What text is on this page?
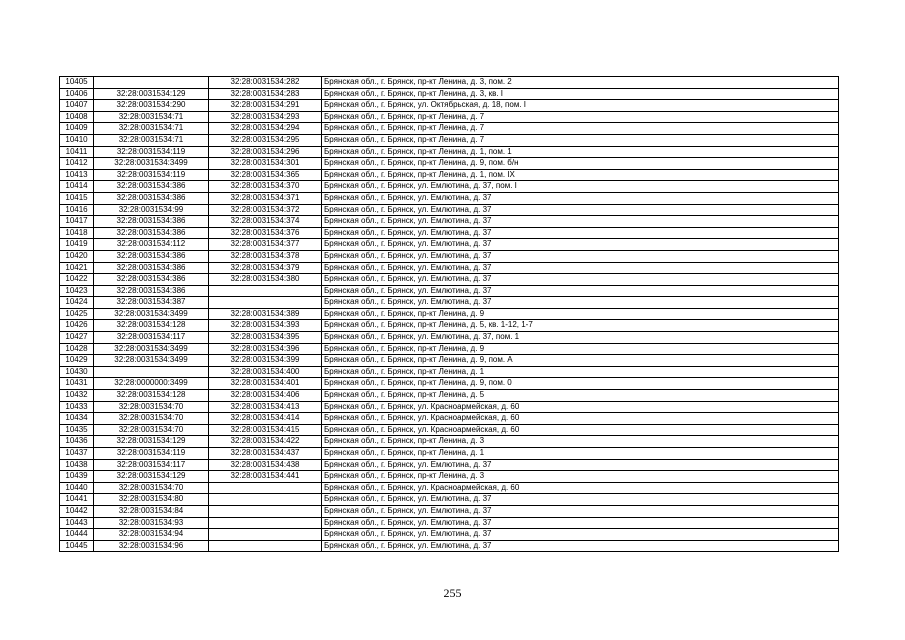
10405		32:28:0031534:282	Брянская обл., г. Брянск, пр-кт Ленина, д. 3, пом. 2
10406	32:28:0031534:129	32:28:0031534:283	Брянская обл., г. Брянск, пр-кт Ленина, д. 3, кв. I
10407	32:28:0031534:290	32:28:0031534:291	Брянская обл., г. Брянск, ул. Октябрьская, д. 18, пом. I
10408	32:28:0031534:71	32:28:0031534:293	Брянская обл., г. Брянск, пр-кт Ленина, д. 7
10409	32:28:0031534:71	32:28:0031534:294	Брянская обл., г. Брянск, пр-кт Ленина, д. 7
10410	32:28:0031534:71	32:28:0031534:295	Брянская обл., г. Брянск, пр-кт Ленина, д. 7
10411	32:28:0031534:119	32:28:0031534:296	Брянская обл., г. Брянск, пр-кт Ленина, д. 1, пом. 1
10412	32:28:0031534:3499	32:28:0031534:301	Брянская обл., г. Брянск, пр-кт Ленина, д. 9, пом. б/н
10413	32:28:0031534:119	32:28:0031534:365	Брянская обл., г. Брянск, пр-кт Ленина, д. 1, пом. IX
10414	32:28:0031534:386	32:28:0031534:370	Брянская обл., г. Брянск, ул. Емлютина, д. 37, пом. I
10415	32:28:0031534:386	32:28:0031534:371	Брянская обл., г. Брянск, ул. Емлютина, д. 37
10416	32:28:0031534:99	32:28:0031534:372	Брянская обл., г. Брянск, ул. Емлютина, д. 37
10417	32:28:0031534:386	32:28:0031534:374	Брянская обл., г. Брянск, ул. Емлютина, д. 37
10418	32:28:0031534:386	32:28:0031534:376	Брянская обл., г. Брянск, ул. Емлютина, д. 37
10419	32:28:0031534:112	32:28:0031534:377	Брянская обл., г. Брянск, ул. Емлютина, д. 37
10420	32:28:0031534:386	32:28:0031534:378	Брянская обл., г. Брянск, ул. Емлютина, д. 37
10421	32:28:0031534:386	32:28:0031534:379	Брянская обл., г. Брянск, ул. Емлютина, д. 37
10422	32:28:0031534:386	32:28:0031534:380	Брянская обл., г. Брянск, ул. Емлютина, д. 37
10423	32:28:0031534:386		Брянская обл., г. Брянск, ул. Емлютина, д. 37
10424	32:28:0031534:387		Брянская обл., г. Брянск, ул. Емлютина, д. 37
10425	32:28:0031534:3499	32:28:0031534:389	Брянская обл., г. Брянск, пр-кт Ленина, д. 9
10426	32:28:0031534:128	32:28:0031534:393	Брянская обл., г. Брянск, пр-кт Ленина, д. 5, кв. 1-12, 1-7
10427	32:28:0031534:117	32:28:0031534:395	Брянская обл., г. Брянск, ул. Емлютина, д. 37, пом. 1
10428	32:28:0031534:3499	32:28:0031534:396	Брянская обл., г. Брянск, пр-кт Ленина, д. 9
10429	32:28:0031534:3499	32:28:0031534:399	Брянская обл., г. Брянск, пр-кт Ленина, д. 9, пом. А
10430		32:28:0031534:400	Брянская обл., г. Брянск, пр-кт Ленина, д. 1
10431	32:28:0000000:3499	32:28:0031534:401	Брянская обл., г. Брянск, пр-кт Ленина, д. 9, пом. 0
10432	32:28:0031534:128	32:28:0031534:406	Брянская обл., г. Брянск, пр-кт Ленина, д. 5
10433	32:28:0031534:70	32:28:0031534:413	Брянская обл., г. Брянск, ул. Красноармейская, д. 60
10434	32:28:0031534:70	32:28:0031534:414	Брянская обл., г. Брянск, ул. Красноармейская, д. 60
10435	32:28:0031534:70	32:28:0031534:415	Брянская обл., г. Брянск, ул. Красноармейская, д. 60
10436	32:28:0031534:129	32:28:0031534:422	Брянская обл., г. Брянск, пр-кт Ленина, д. 3
10437	32:28:0031534:119	32:28:0031534:437	Брянская обл., г. Брянск, пр-кт Ленина, д. 1
10438	32:28:0031534:117	32:28:0031534:438	Брянская обл., г. Брянск, ул. Емлютина, д. 37
10439	32:28:0031534:129	32:28:0031534:441	Брянская обл., г. Брянск, пр-кт Ленина, д. 3
10440	32:28:0031534:70		Брянская обл., г. Брянск, ул. Красноармейская, д. 60
10441	32:28:0031534:80		Брянская обл., г. Брянск, ул. Емлютина, д. 37
10442	32:28:0031534:84		Брянская обл., г. Брянск, ул. Емлютина, д. 37
10443	32:28:0031534:93		Брянская обл., г. Брянск, ул. Емлютина, д. 37
10444	32:28:0031534:94		Брянская обл., г. Брянск, ул. Емлютина, д. 37
10445	32:28:0031534:96		Брянская обл., г. Брянск, ул. Емлютина, д. 37
255
